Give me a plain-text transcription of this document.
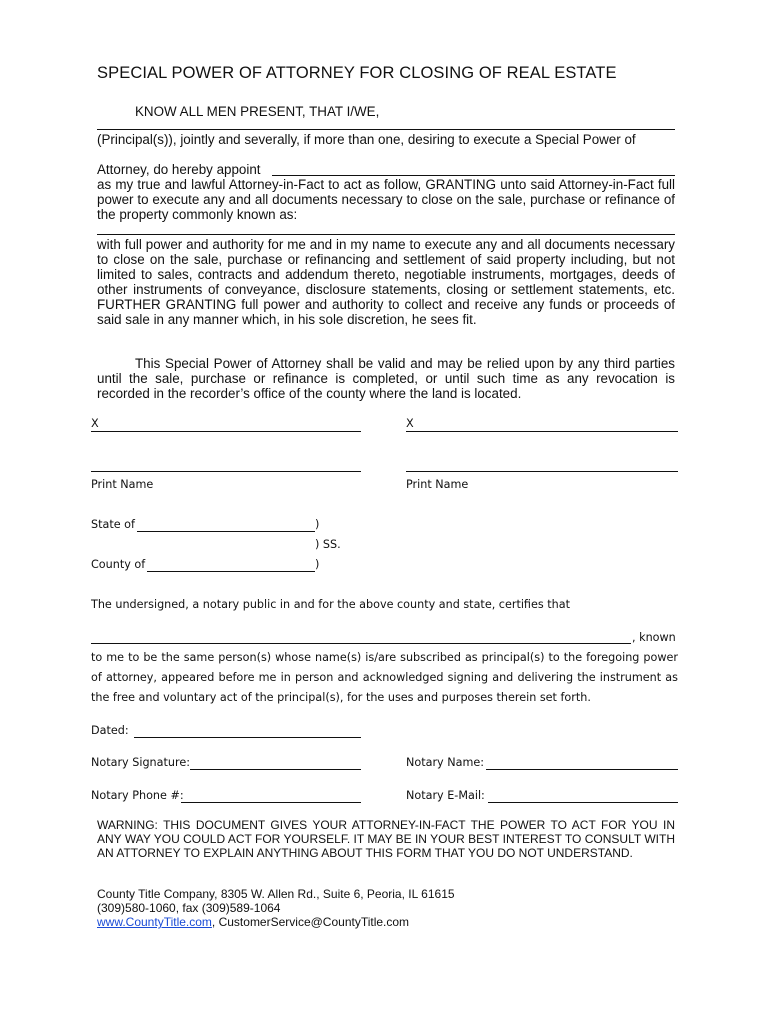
SPECIAL POWER OF ATTORNEY FOR CLOSING OF REAL ESTATE
KNOW ALL MEN PRESENT, THAT I/WE,
(Principal(s)), jointly and severally, if more than one, desiring to execute a Special Power of
Attorney, do hereby appoint
as my true and lawful Attorney-in-Fact to act as follow, GRANTING unto said Attorney-in-Fact full power to execute any and all documents necessary to close on the sale, purchase or refinance of the property commonly known as:
with full power and authority for me and in my name to execute any and all documents necessary to close on the sale, purchase or refinancing and settlement of said property including, but not limited to sales, contracts and addendum thereto, negotiable instruments, mortgages, deeds of other instruments of conveyance, disclosure statements, closing or settlement statements, etc. FURTHER GRANTING full power and authority to collect and receive any funds or proceeds of said sale in any manner which, in his sole discretion, he sees fit.
This Special Power of Attorney shall be valid and may be relied upon by any third parties until the sale, purchase or refinance is completed, or until such time as any revocation is recorded in the recorder’s office of the county where the land is located.
X	X
Print Name	Print Name
State of	)
) SS.
County of	)
The undersigned, a notary public in and for the above county and state, certifies that
, known
to me to be the same person(s) whose name(s) is/are subscribed as principal(s) to the foregoing power of attorney, appeared before me in person and acknowledged signing and delivering the instrument as the free and voluntary act of the principal(s), for the uses and purposes therein set forth.
Dated:
Notary Signature:	Notary Name:
Notary Phone #:	Notary E-Mail:
WARNING: THIS DOCUMENT GIVES YOUR ATTORNEY-IN-FACT THE POWER TO ACT FOR YOU IN ANY WAY YOU COULD ACT FOR YOURSELF. IT MAY BE IN YOUR BEST INTEREST TO CONSULT WITH AN ATTORNEY TO EXPLAIN ANYTHING ABOUT THIS FORM THAT YOU DO NOT UNDERSTAND.
County Title Company, 8305 W. Allen Rd., Suite 6, Peoria, IL 61615
(309)580-1060, fax (309)589-1064
www.CountyTitle.com, CustomerService@CountyTitle.com
